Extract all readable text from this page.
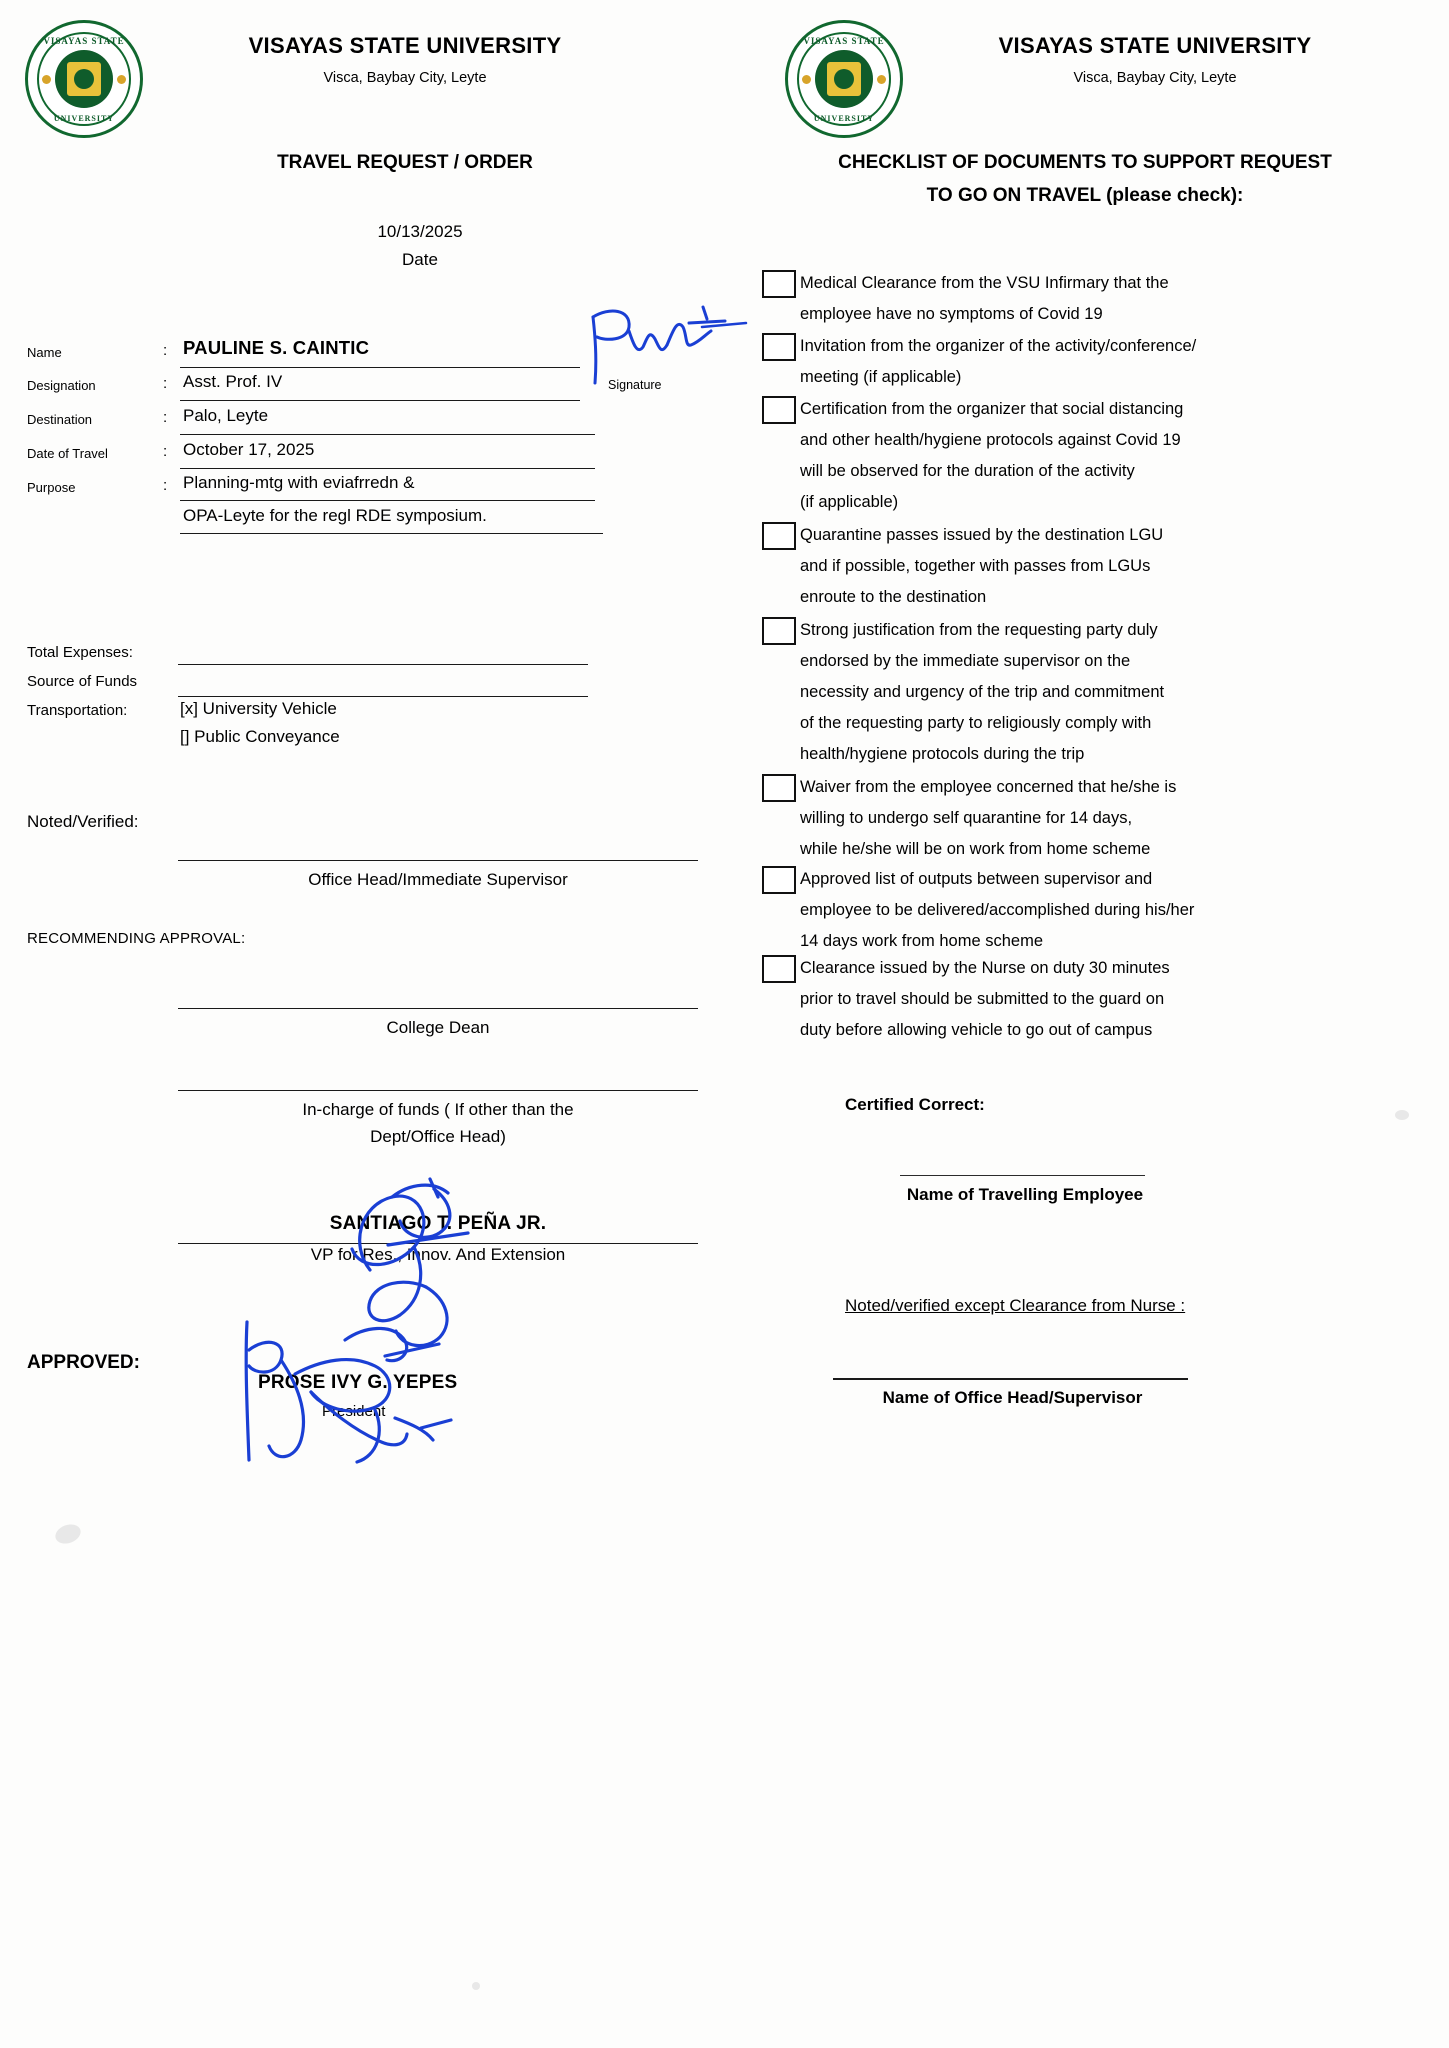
VISAYAS STATE
UNIVERSITY
VISAYAS STATE UNIVERSITY
Visca, Baybay City, Leyte
TRAVEL REQUEST / ORDER
10/13/2025
Date
Name	: PAULINE S. CAINTIC
Designation	: Asst. Prof. IV
Destination	: Palo, Leyte
Date of Travel	: October 17, 2025
Purpose	: Planning-mtg with eviafrredn &
OPA-Leyte for the regl RDE symposium.
Signature
Total Expenses:
Source of Funds
Transportation:	[x] University Vehicle
[] Public Conveyance
Noted/Verified:
Office Head/Immediate Supervisor
RECOMMENDING APPROVAL:
College Dean
In-charge of funds ( If other than the
Dept/Office Head)
SANTIAGO T. PEÑA JR.
VP for Res., Innov. And Extension
APPROVED:
PROSE IVY G. YEPES
President
VISAYAS STATE
UNIVERSITY
VISAYAS STATE UNIVERSITY
Visca, Baybay City, Leyte
CHECKLIST OF DOCUMENTS TO SUPPORT REQUEST
TO GO ON TRAVEL (please check):
Medical Clearance from the VSU Infirmary that the
employee have no symptoms of Covid 19
Invitation from the organizer of the activity/conference/
meeting (if applicable)
Certification from the organizer that social distancing
and other health/hygiene protocols against Covid 19
will be observed for the duration of the activity
(if applicable)
Quarantine passes issued by the destination LGU
and if possible, together with passes from LGUs
enroute to the destination
Strong justification from the requesting party duly
endorsed by the immediate supervisor on the
necessity and urgency of the trip and commitment
of the requesting party to religiously comply with
health/hygiene protocols during the trip
Waiver from the employee concerned that he/she is
willing to undergo self quarantine for 14 days,
while he/she will be on work from home scheme
Approved list of outputs between supervisor and
employee to be delivered/accomplished during his/her
14 days work from home scheme
Clearance issued by the Nurse on duty 30 minutes
prior to travel should be submitted to the guard on
duty before allowing vehicle to go out of campus
Certified Correct:
Name of Travelling Employee
Noted/verified except Clearance from Nurse :
Name of Office Head/Supervisor
